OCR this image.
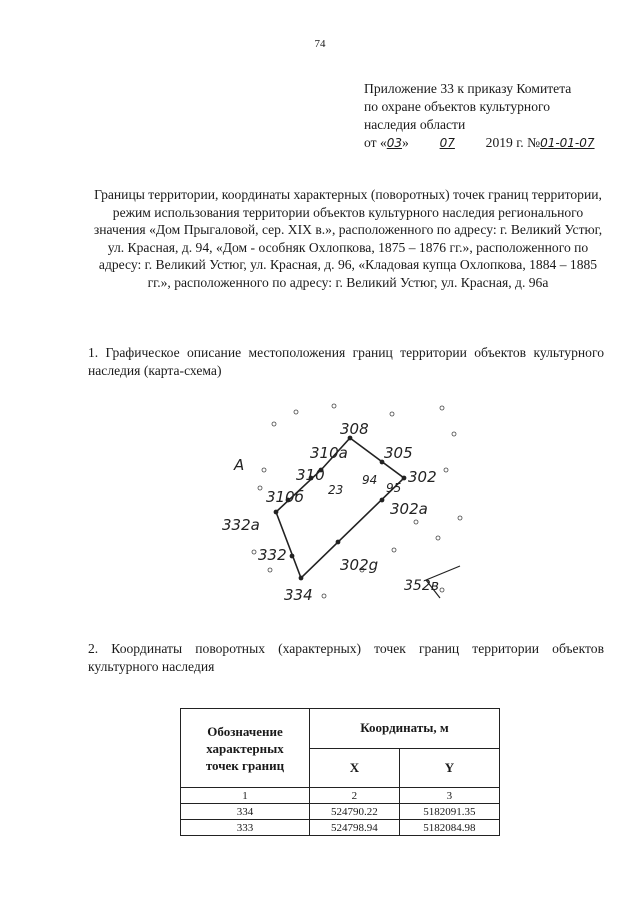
74
Приложение 33 к приказу Комитета
по охране объектов культурного
наследия области
от «03»	07 2019 г. №01-01-07
Границы территории, координаты характерных (поворотных) точек границ территории, режим использования территории объектов культурного наследия регионального значения «Дом Прыгаловой, сер. XIX в.», расположенного по адресу: г. Великий Устюг, ул. Красная, д. 94, «Дом - особняк Охлопкова, 1875 – 1876 гг.», расположенного по адресу: г. Великий Устюг, ул. Красная, д. 96, «Кладовая купца Охлопкова, 1884 – 1885 гг.», расположенного по адресу: г. Великий Устюг, ул. Красная, д. 96а
1. Графическое описание местоположения границ территории объектов культурного наследия (карта-схема)
А
308
310a 305
310	94 302
23	95
310б
302a
332a
332
302g
352в
334
2. Координаты поворотных (характерных) точек границ территории объектов культурного наследия
Обозначение
характерных
точек границ	Координаты, м	
	X	Y
1	2	3
334	524790.22	5182091.35
333	524798.94	5182084.98
